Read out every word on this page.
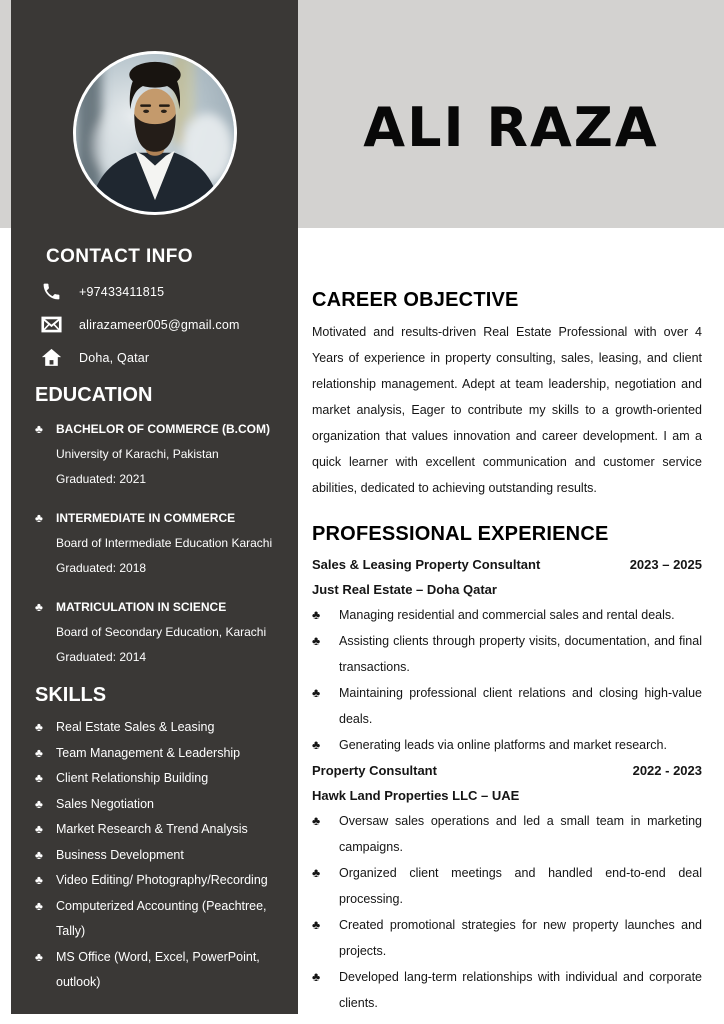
ALI RAZA
CONTACT INFO
+97433411815
alirazameer005@gmail.com
Doha, Qatar
EDUCATION
♣	BACHELOR OF COMMERCE (B.COM)
University of Karachi, Pakistan
Graduated: 2021
♣	INTERMEDIATE IN COMMERCE
Board of Intermediate Education Karachi
Graduated: 2018
♣	MATRICULATION IN SCIENCE
Board of Secondary Education, Karachi
Graduated: 2014
SKILLS
♣	Real Estate Sales & Leasing
♣	Team Management & Leadership
♣	Client Relationship Building
♣	Sales Negotiation
♣	Market Research & Trend Analysis
♣	Business Development
♣	Video Editing/ Photography/Recording
♣	Computerized Accounting (Peachtree, Tally)
♣	MS Office (Word, Excel, PowerPoint, outlook)
CAREER OBJECTIVE

Motivated and results-driven Real Estate Professional with over 4 Years of experience in property consulting, sales, leasing, and client relationship management. Adept at team leadership, negotiation and market analysis, Eager to contribute my skills to a growth-oriented organization that values innovation and career development. I am a quick learner with excellent communication and customer service abilities, dedicated to achieving outstanding results.

PROFESSIONAL EXPERIENCE
Sales & Leasing Property Consultant	2023 – 2025
Just Real Estate – Doha Qatar
♣	Managing residential and commercial sales and rental deals.
♣	Assisting clients through property visits, documentation, and final transactions.
♣	Maintaining professional client relations and closing high-value deals.
♣	Generating leads via online platforms and market research.
Property Consultant	2022 - 2023
Hawk Land Properties LLC – UAE
♣	Oversaw sales operations and led a small team in marketing campaigns.
♣	Organized client meetings and handled end-to-end deal processing.
♣	Created promotional strategies for new property launches and projects.
♣	Developed lang-term relationships with individual and corporate clients.
